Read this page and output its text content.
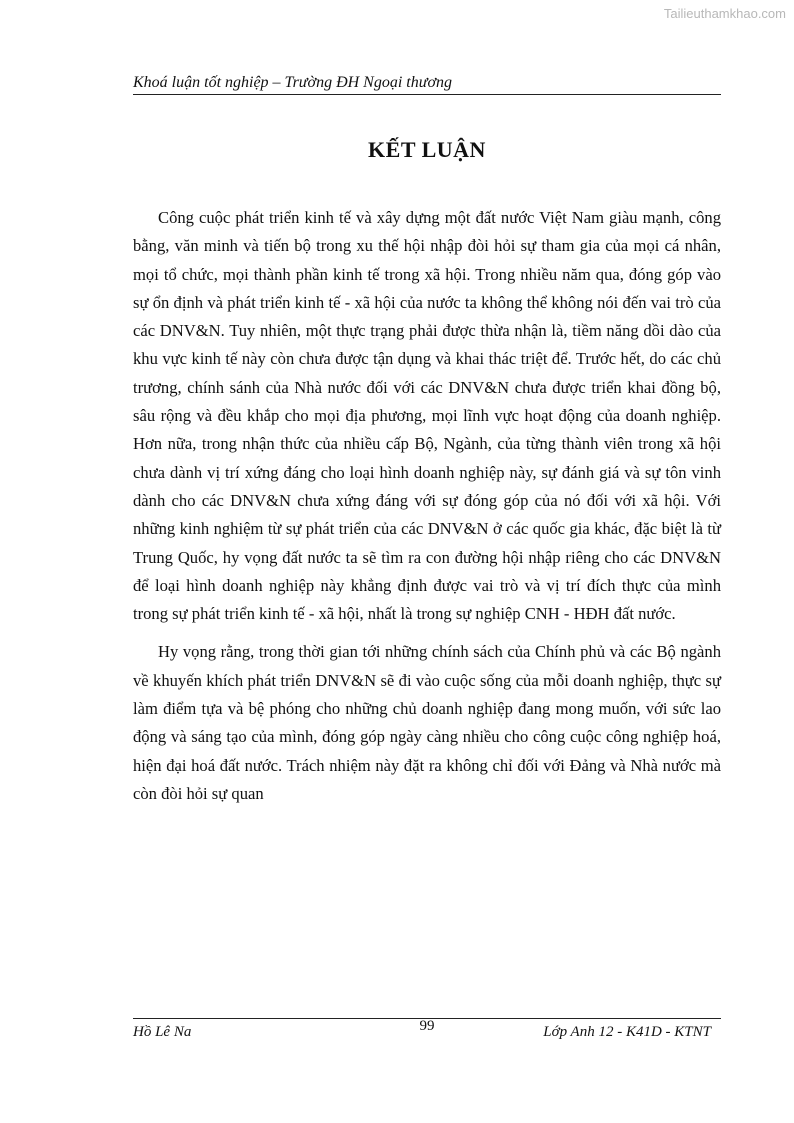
Tailieuthamkhao.com
Khoá luận tốt nghiệp – Trường ĐH Ngoại thương
KẾT LUẬN

Công cuộc phát triển kinh tế và xây dựng một đất nước Việt Nam giàu mạnh, công bằng, văn minh và tiến bộ trong xu thế hội nhập đòi hỏi sự tham gia của mọi cá nhân, mọi tổ chức, mọi thành phần kinh tế trong xã hội. Trong nhiều năm qua, đóng góp vào sự ổn định và phát triển kinh tế - xã hội của nước ta không thể không nói đến vai trò của các DNV&N. Tuy nhiên, một thực trạng phải được thừa nhận là, tiềm năng dồi dào của khu vực kinh tế này còn chưa được tận dụng và khai thác triệt để. Trước hết, do các chủ trương, chính sánh của Nhà nước đối với các DNV&N chưa được triển khai đồng bộ, sâu rộng và đều khắp cho mọi địa phương, mọi lĩnh vực hoạt động của doanh nghiệp. Hơn nữa, trong nhận thức của nhiều cấp Bộ, Ngành, của từng thành viên trong xã hội chưa dành vị trí xứng đáng cho loại hình doanh nghiệp này, sự đánh giá và sự tôn vinh dành cho các DNV&N chưa xứng đáng với sự đóng góp của nó đối với xã hội. Với những kinh nghiệm từ sự phát triển của các DNV&N ở các quốc gia khác, đặc biệt là từ Trung Quốc, hy vọng đất nước ta sẽ tìm ra con đường hội nhập riêng cho các DNV&N để loại hình doanh nghiệp này khẳng định được vai trò và vị trí đích thực của mình trong sự phát triển kinh tế - xã hội, nhất là trong sự nghiệp CNH - HĐH đất nước.

Hy vọng rằng, trong thời gian tới những chính sách của Chính phủ và các Bộ ngành về khuyến khích phát triển DNV&N sẽ đi vào cuộc sống của mỗi doanh nghiệp, thực sự làm điểm tựa và bệ phóng cho những chủ doanh nghiệp đang mong muốn, với sức lao động và sáng tạo của mình, đóng góp ngày càng nhiều cho công cuộc công nghiệp hoá, hiện đại hoá đất nước. Trách nhiệm này đặt ra không chỉ đối với Đảng và Nhà nước mà còn đòi hỏi sự quan

Hồ Lê Na	99	Lớp Anh 12 - K41D - KTNT
